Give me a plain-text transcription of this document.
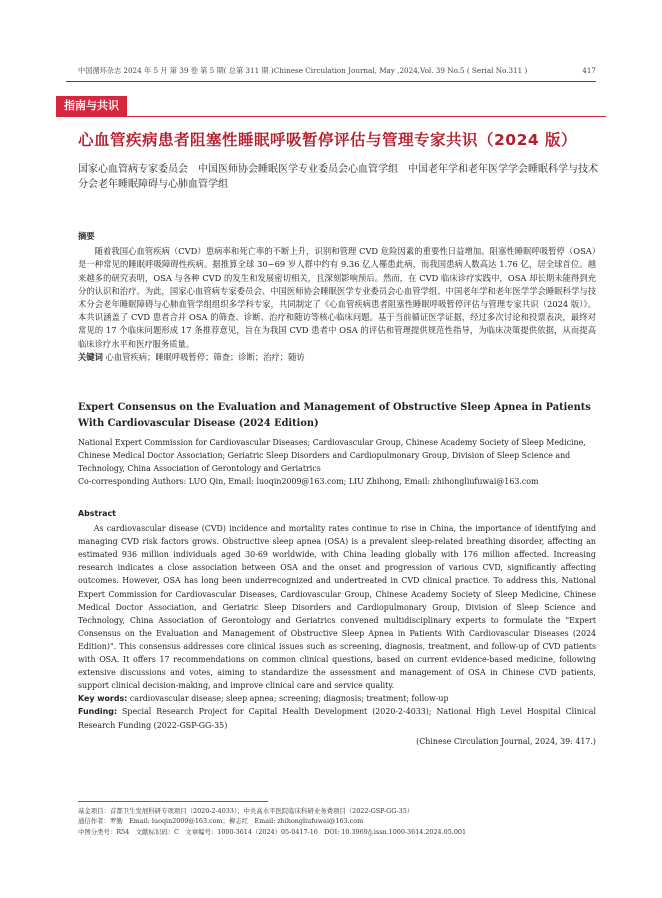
中国循环杂志 2024 年 5 月 第 39 卷 第 5 期( 总第 311 期 )Chinese Circulation Journal, May ,2024,Vol. 39 No.5 ( Serial No.311 )	417
指南与共识
心血管疾病患者阻塞性睡眠呼吸暂停评估与管理专家共识（2024 版）
国家心血管病专家委员会　中国医师协会睡眠医学专业委员会心血管学组　中国老年学和老年医学学会睡眠科学与技术分会老年睡眠障碍与心肺血管学组
摘要

随着我国心血管疾病（CVD）患病率和死亡率的不断上升，识别和管理 CVD 危险因素的重要性日益增加。阻塞性睡眠呼吸暂停（OSA）是一种常见的睡眠呼吸障碍性疾病。据推算全球 30~69 岁人群中约有 9.36 亿人罹患此病，而我国患病人数高达 1.76 亿，居全球首位。越来越多的研究表明，OSA 与各种 CVD 的发生和发展密切相关，且深刻影响预后。然而，在 CVD 临床诊疗实践中，OSA 却长期未能得到充分的认识和治疗。为此，国家心血管病专家委员会、中国医师协会睡眠医学专业委员会心血管学组、中国老年学和老年医学学会睡眠科学与技术分会老年睡眠障碍与心肺血管学组组织多学科专家，共同制定了《心血管疾病患者阻塞性睡眠呼吸暂停评估与管理专家共识（2024 版）》。本共识涵盖了 CVD 患者合并 OSA 的筛查、诊断、治疗和随访等核心临床问题。基于当前循证医学证据，经过多次讨论和投票表决，最终对常见的 17 个临床问题形成 17 条推荐意见，旨在为我国 CVD 患者中 OSA 的评估和管理提供规范性指导，为临床决策提供依据，从而提高临床诊疗水平和医疗服务质量。

关键词 心血管疾病；睡眠呼吸暂停；筛查；诊断；治疗；随访
Expert Consensus on the Evaluation and Management of Obstructive Sleep Apnea in Patients With Cardiovascular Disease (2024 Edition)
National Expert Commission for Cardiovascular Diseases; Cardiovascular Group, Chinese Academy Society of Sleep Medicine, Chinese Medical Doctor Association; Geriatric Sleep Disorders and Cardiopulmonary Group, Division of Sleep Science and Technology, China Association of Gerontology and Geriatrics
Co-corresponding Authors: LUO Qin, Email: luoqin2009@163.com; LIU Zhihong, Email: zhihongliufuwai@163.com
Abstract

As cardiovascular disease (CVD) incidence and mortality rates continue to rise in China, the importance of identifying and managing CVD risk factors grows. Obstructive sleep apnea (OSA) is a prevalent sleep-related breathing disorder, affecting an estimated 936 million individuals aged 30-69 worldwide, with China leading globally with 176 million affected. Increasing research indicates a close association between OSA and the onset and progression of various CVD, significantly affecting outcomes. However, OSA has long been underrecognized and undertreated in CVD clinical practice. To address this, National Expert Commission for Cardiovascular Diseases, Cardiovascular Group, Chinese Academy Society of Sleep Medicine, Chinese Medical Doctor Association, and Geriatric Sleep Disorders and Cardiopulmonary Group, Division of Sleep Science and Technology, China Association of Gerontology and Geriatrics convened multidisciplinary experts to formulate the "Expert Consensus on the Evaluation and Management of Obstructive Sleep Apnea in Patients With Cardiovascular Diseases (2024 Edition)". This consensus addresses core clinical issues such as screening, diagnosis, treatment, and follow-up of CVD patients with OSA. It offers 17 recommendations on common clinical questions, based on current evidence-based medicine, following extensive discussions and votes, aiming to standardize the assessment and management of OSA in Chinese CVD patients, support clinical decision-making, and improve clinical care and service quality.

Key words: cardiovascular disease; sleep apnea; screening; diagnosis; treatment; follow-up
Funding: Special Research Project for Capital Health Development (2020-2-4033); National High Level Hospital Clinical Research Funding (2022-GSP-GG-35)
(Chinese Circulation Journal, 2024, 39: 417.)
基金项目：首都卫生发展科研专项项目（2020-2-4033）；中央高水平医院临床科研业务费项目（2022-GSP-GG-35）
通信作者：罗勤　Email: luoqin2009@163.com；柳志红　Email: zhihongliufuwai@163.com
中图分类号：R54　文献标识码：C　文章编号：1000-3614（2024）05-0417-16　DOI: 10.3969/j.issn.1000-3614.2024.05.001
